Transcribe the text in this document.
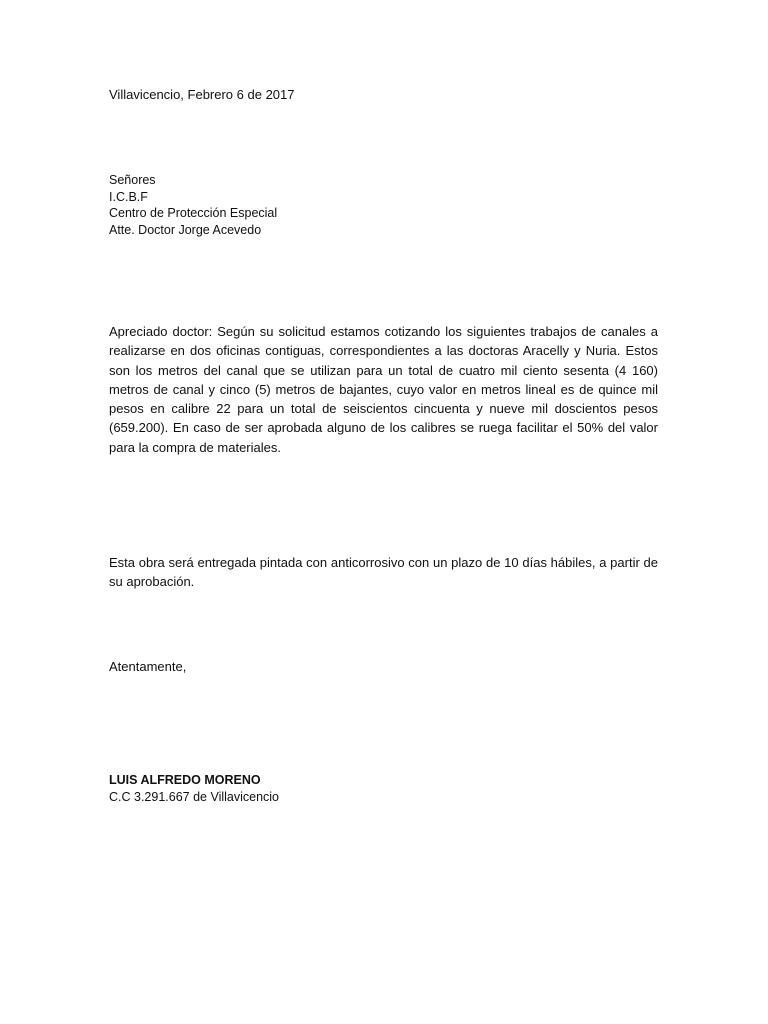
Villavicencio, Febrero 6 de 2017

Señores
I.C.B.F
Centro de Protección Especial
Atte. Doctor Jorge Acevedo

Apreciado doctor: Según su solicitud estamos cotizando los siguientes trabajos de canales a realizarse en dos oficinas contiguas, correspondientes a las doctoras Aracelly y Nuria. Estos son los metros del canal que se utilizan para un total de cuatro mil ciento sesenta (4 160) metros de canal y cinco (5) metros de bajantes, cuyo valor en metros lineal es de quince mil pesos en calibre 22 para un total de seiscientos cincuenta y nueve mil doscientos pesos (659.200). En caso de ser aprobada alguno de los calibres se ruega facilitar el 50% del valor para la compra de materiales.

Esta obra será entregada pintada con anticorrosivo con un plazo de 10 días hábiles, a partir de su aprobación.

Atentamente,

LUIS ALFREDO MORENO
C.C 3.291.667 de Villavicencio
